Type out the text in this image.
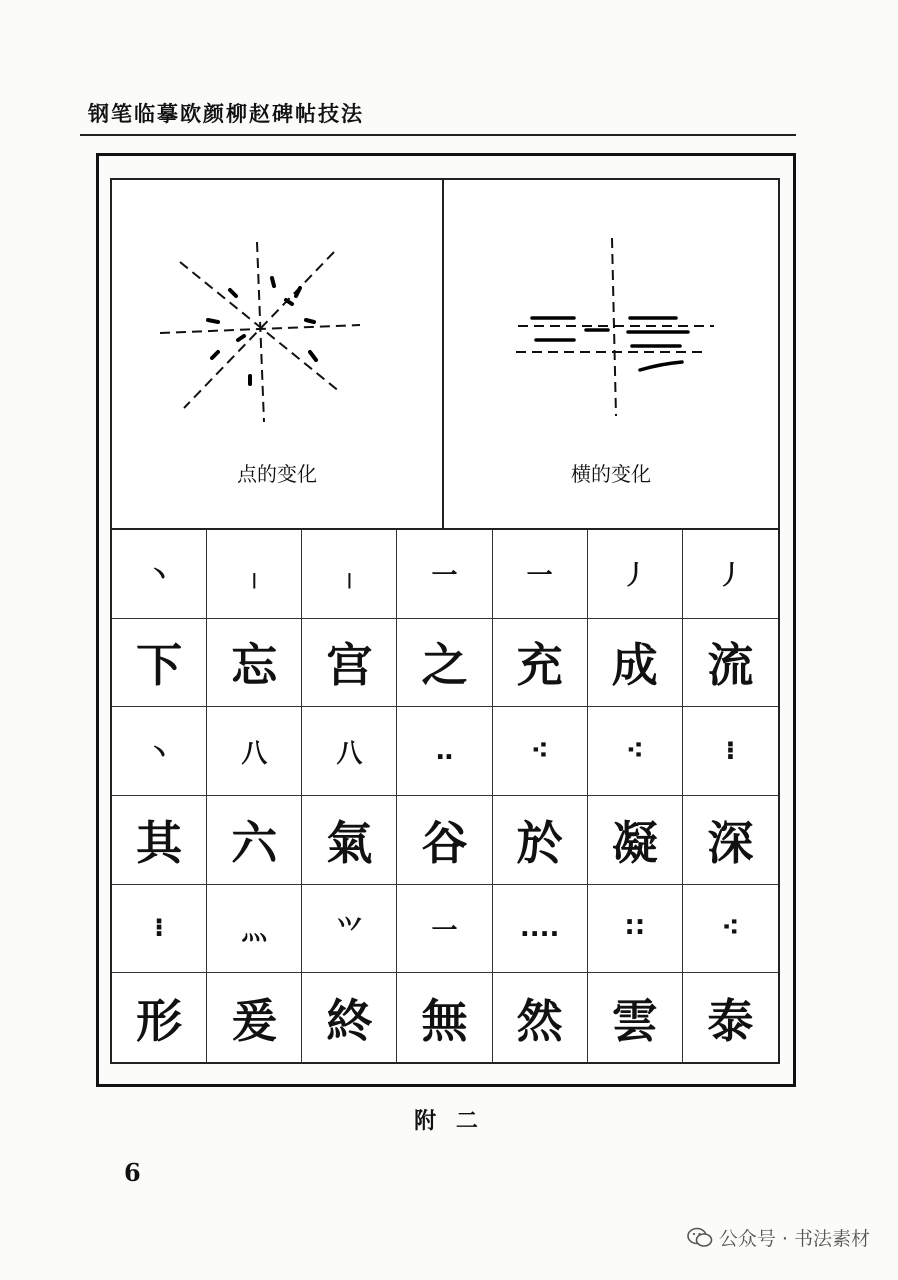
钢笔临摹欧颜柳赵碑帖技法
点的变化	横的变化
丶	╷	╷	一	一	丿	丿
下	忘	宫	之	充	成	流
丶	八	八	‥	⁖	⁖	⁝
其	六	氣	谷	於	凝	深
⁝	灬	⺍	一	....	∷	⁖
形	爰	終	無	然	雲	泰
附 二
6
公众号 · 书法素材
